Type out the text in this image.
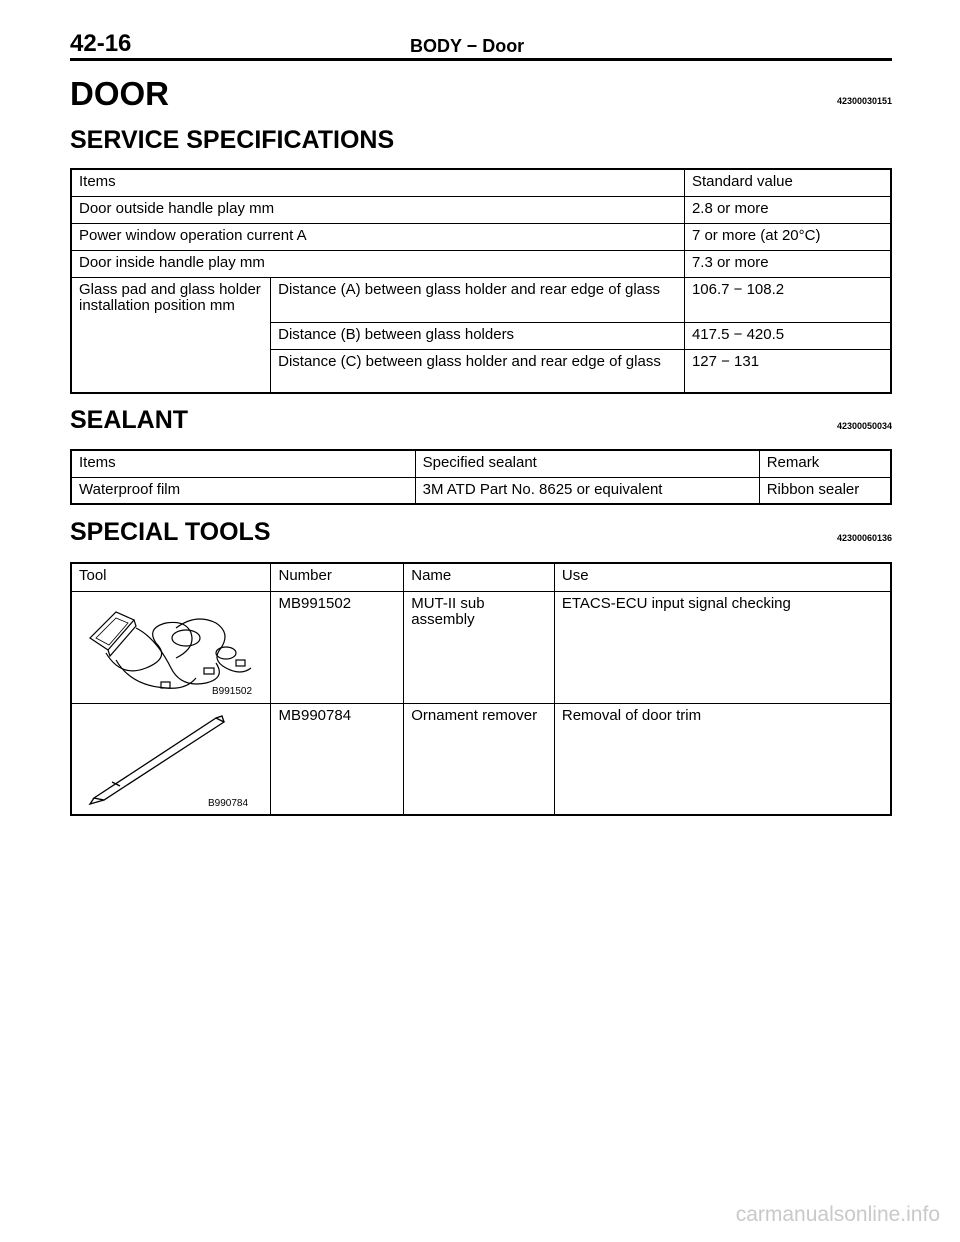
42-16	BODY − Door
DOOR	42300030151
SERVICE SPECIFICATIONS
Items		Standard value
Door outside handle play mm		2.8 or more
Power window operation current A		7 or more (at 20°C)
Door inside handle play mm		7.3 or more
Glass pad and glass holder installation position mm	Distance (A) between glass holder and rear edge of glass	106.7 − 108.2
	Distance (B) between glass holders	417.5 − 420.5
	Distance (C) between glass holder and rear edge of glass	127 − 131
SEALANT	42300050034
Items	Specified sealant	Remark
Waterproof film	3M ATD Part No. 8625 or equivalent	Ribbon sealer
SPECIAL TOOLS	42300060136
Tool	Number	Name	Use

B991502	MB991502	MUT-II sub assembly	ETACS-ECU input signal checking

B990784	MB990784	Ornament remover	Removal of door trim
carmanualsonline.info
